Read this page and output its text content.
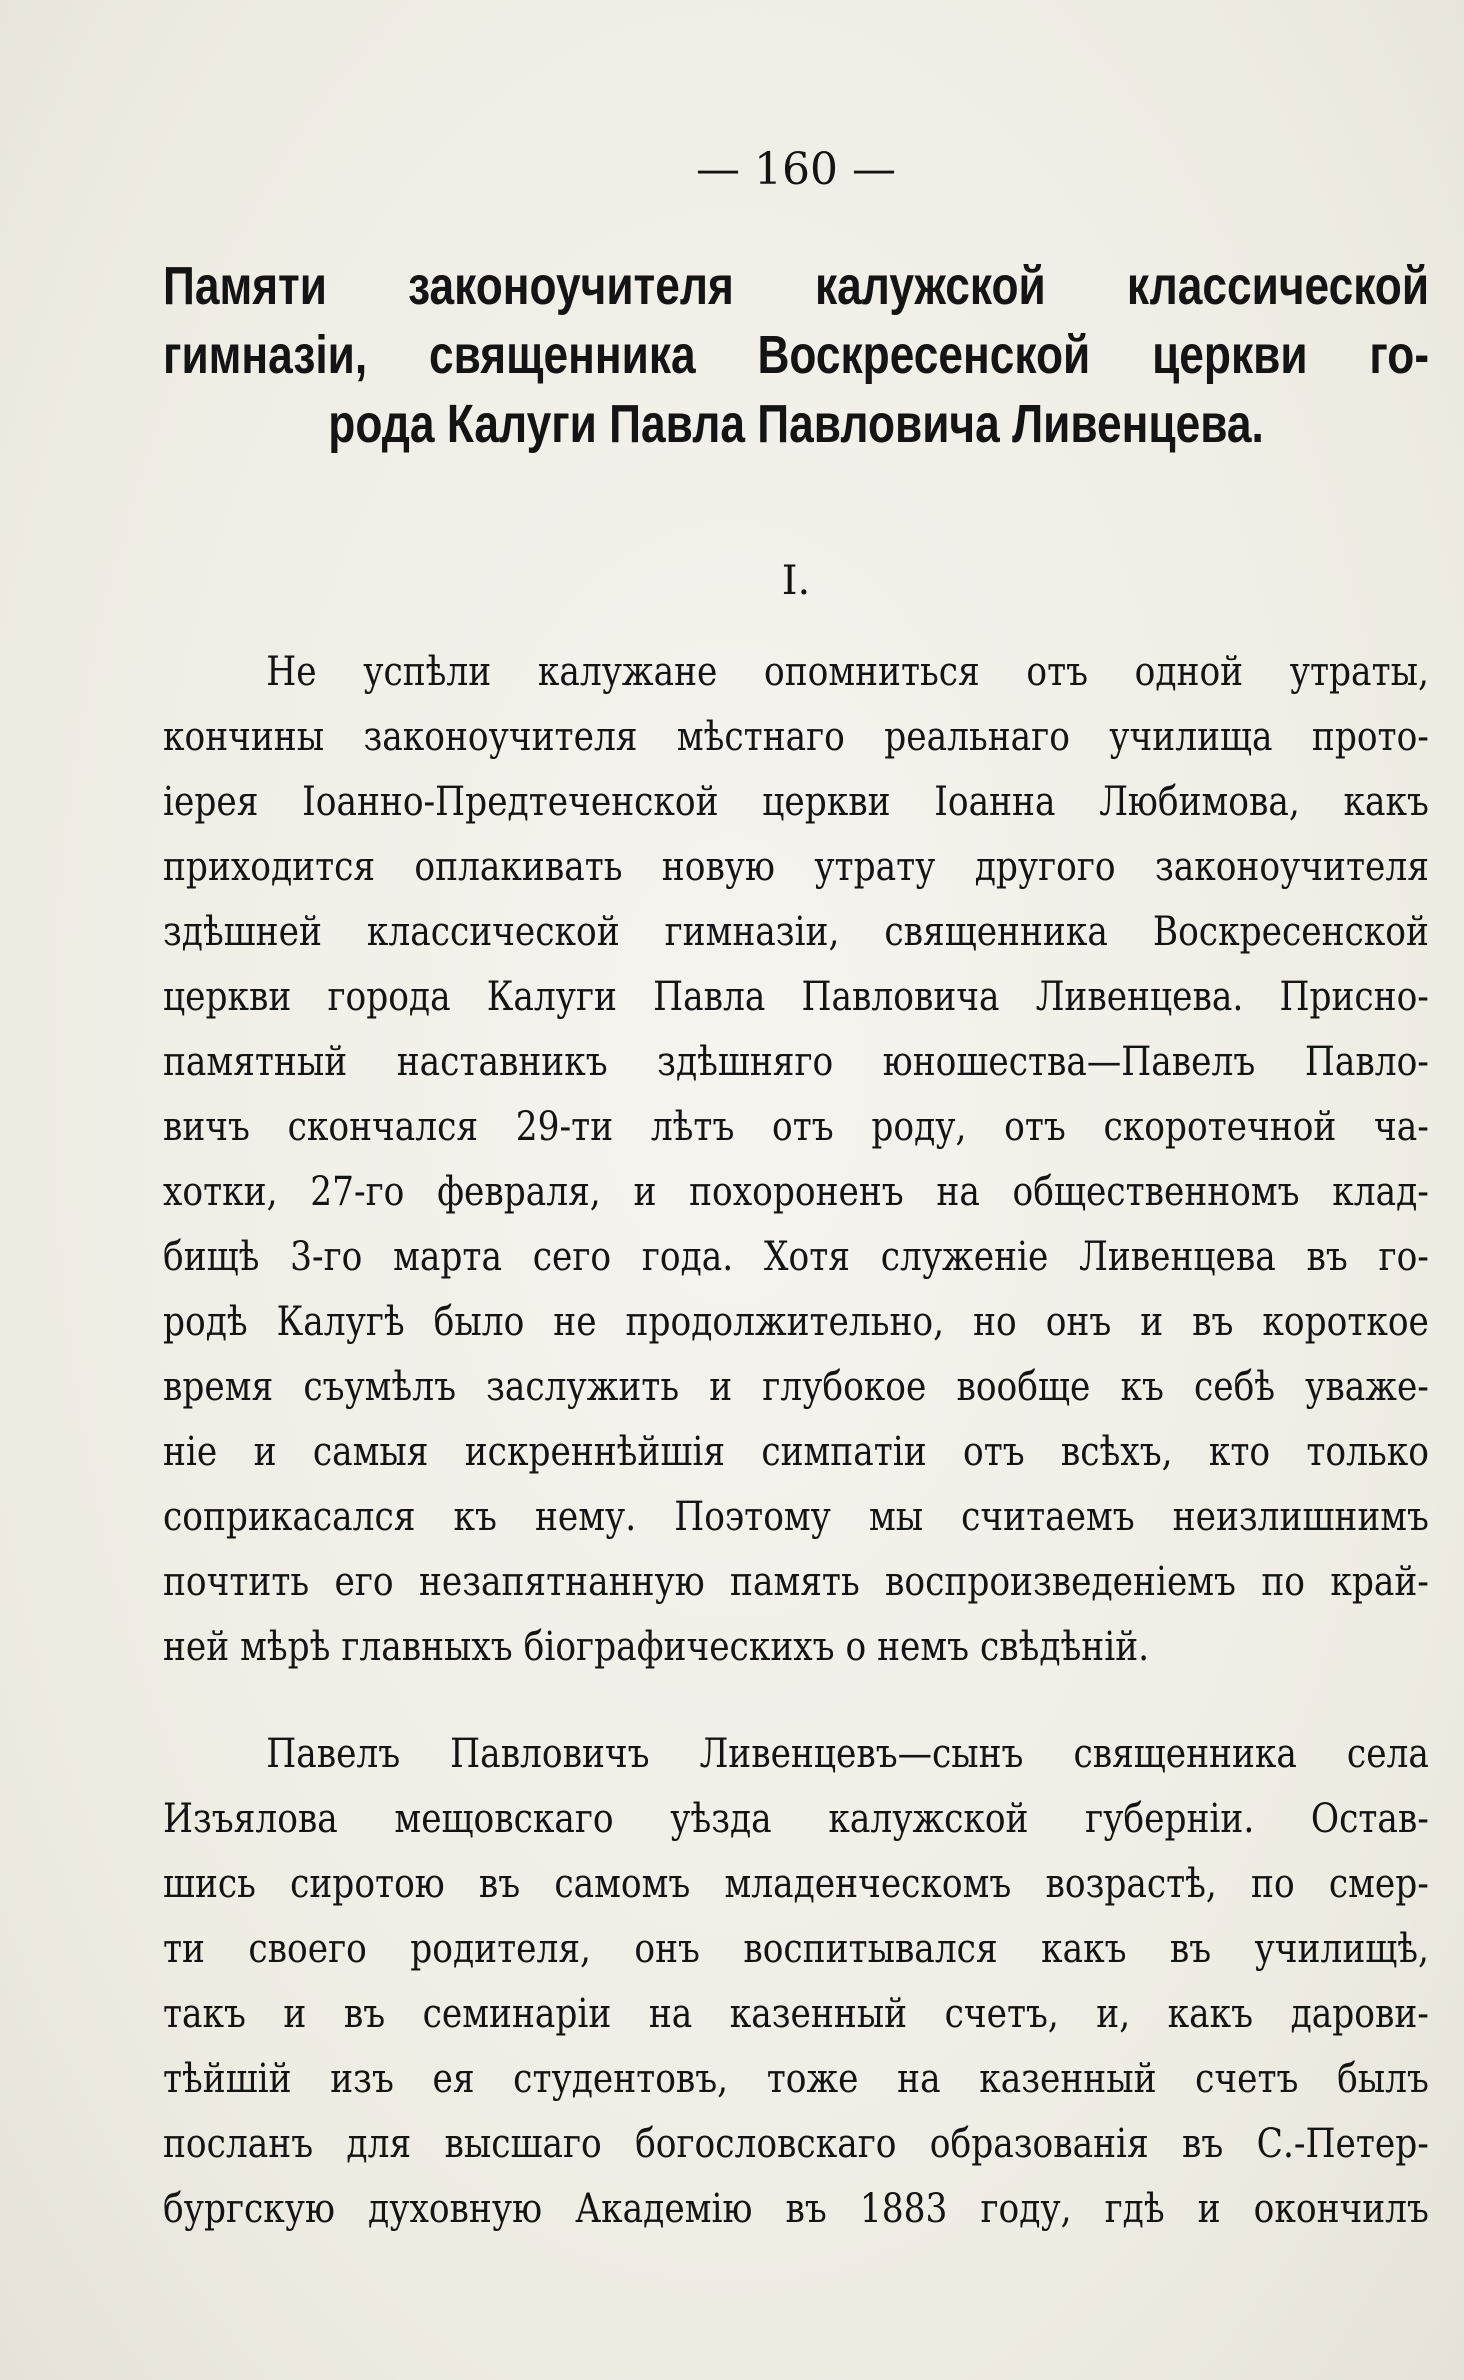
— 160 —
Памяти законоучителя калужской классической
гимназіи, священника Воскресенской церкви го-
рода Калуги Павла Павловича Ливенцева.
I.
Не успѣли калужане опомниться отъ одной утраты,
кончины законоучителя мѣстнаго реальнаго училища прото-
іерея Іоанно-Предтеченской церкви Іоанна Любимова, какъ
приходится оплакивать новую утрату другого законоучителя
здѣшней классической гимназіи, священника Воскресенской
церкви города Калуги Павла Павловича Ливенцева. Присно-
памятный наставникъ здѣшняго юношества—Павелъ Павло-
вичъ скончался 29-ти лѣтъ отъ роду, отъ скоротечной ча-
хотки, 27-го февраля, и похороненъ на общественномъ клад-
бищѣ 3-го марта сего года. Хотя служеніе Ливенцева въ го-
родѣ Калугѣ было не продолжительно, но онъ и въ короткое
время съумѣлъ заслужить и глубокое вообще къ себѣ уваже-
ніе и самыя искреннѣйшія симпатіи отъ всѣхъ, кто только
соприкасался къ нему. Поэтому мы считаемъ неизлишнимъ
почтить его незапятнанную память воспроизведеніемъ по край-
ней мѣрѣ главныхъ біографическихъ о немъ свѣдѣній.
Павелъ Павловичъ Ливенцевъ—сынъ священника села
Изъялова мещовскаго уѣзда калужской губерніи. Остав-
шись сиротою въ самомъ младенческомъ возрастѣ, по смер-
ти своего родителя, онъ воспитывался какъ въ училищѣ,
такъ и въ семинаріи на казенный счетъ, и, какъ дарови-
тѣйшій изъ ея студентовъ, тоже на казенный счетъ былъ
посланъ для высшаго богословскаго образованія въ С.-Петер-
бургскую духовную Академію въ 1883 году, гдѣ и окончилъ
